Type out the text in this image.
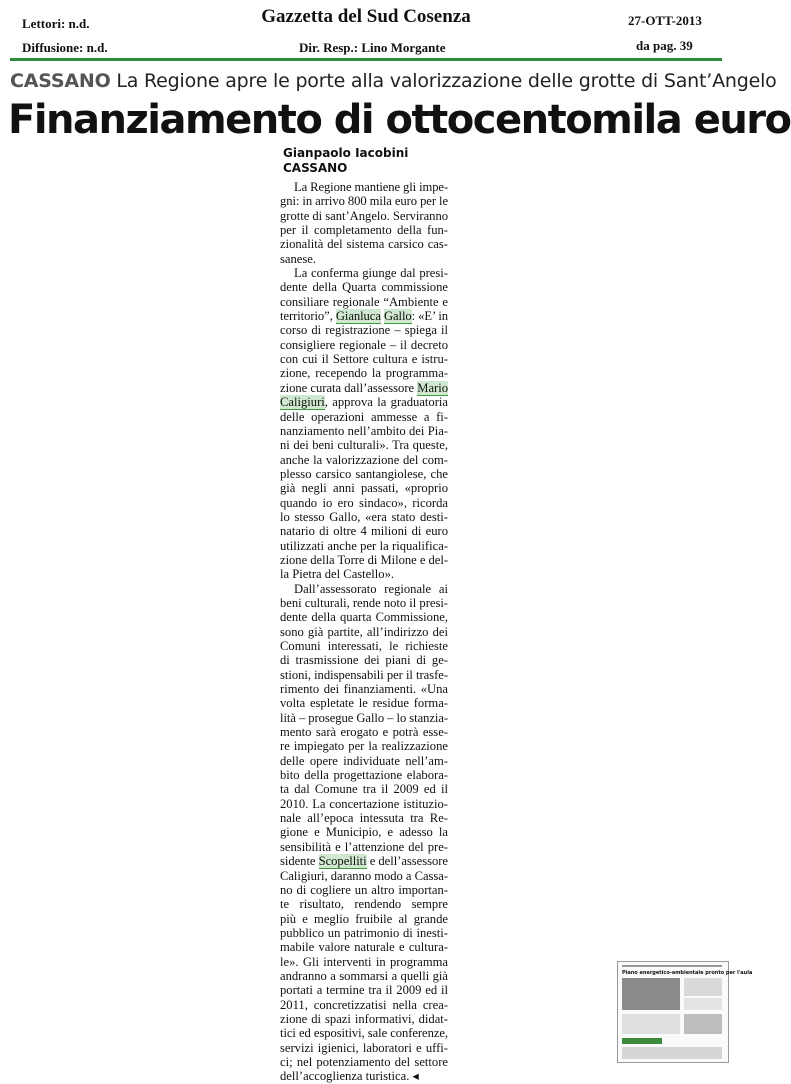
Lettori: n.d.	Gazzetta del Sud Cosenza	27-OTT-2013
Diffusione: n.d.	Dir. Resp.: Lino Morgante	da pag. 39
CASSANO La Regione apre le porte alla valorizzazione delle grotte di Sant’Angelo
Finanziamento di ottocentomila euro
Gianpaolo Iacobini
CASSANO
La Regione mantiene gli impe-
gni: in arrivo 800 mila euro per le
grotte di sant’Angelo. Serviranno
per il completamento della fun-
zionalità del sistema carsico cas-
sanese.
La conferma giunge dal presi-
dente della Quarta commissione
consiliare regionale “Ambiente e
territorio”, Gianluca Gallo: «E’ in
corso di registrazione – spiega il
consigliere regionale – il decreto
con cui il Settore cultura e istru-
zione, recependo la programma-
zione curata dall’assessore Mario
Caligiuri, approva la graduatoria
delle operazioni ammesse a fi-
nanziamento nell’ambito dei Pia-
ni dei beni culturali». Tra queste,
anche la valorizzazione del com-
plesso carsico santangiolese, che
già negli anni passati, «proprio
quando io ero sindaco», ricorda
lo stesso Gallo, «era stato desti-
natario di oltre 4 milioni di euro
utilizzati anche per la riqualifica-
zione della Torre di Milone e del-
la Pietra del Castello».
Dall’assessorato regionale ai
beni culturali, rende noto il presi-
dente della quarta Commissione,
sono già partite, all’indirizzo dei
Comuni interessati, le richieste
di trasmissione dei piani di ge-
stioni, indispensabili per il trasfe-
rimento dei finanziamenti. «Una
volta espletate le residue forma-
lità – prosegue Gallo – lo stanzia-
mento sarà erogato e potrà esse-
re impiegato per la realizzazione
delle opere individuate nell’am-
bito della progettazione elabora-
ta dal Comune tra il 2009 ed il
2010. La concertazione istituzio-
nale all’epoca intessuta tra Re-
gione e Municipio, e adesso la
sensibilità e l’attenzione del pre-
sidente Scopelliti e dell’assessore
Caligiuri, daranno modo a Cassa-
no di cogliere un altro importan-
te risultato, rendendo sempre
più e meglio fruibile al grande
pubblico un patrimonio di inesti-
mabile valore naturale e cultura-
le». Gli interventi in programma
andranno a sommarsi a quelli già
portati a termine tra il 2009 ed il
2011, concretizzatisi nella crea-
zione di spazi informativi, didat-
tici ed espositivi, sale conferenze,
servizi igienici, laboratori e uffi-
ci; nel potenziamento del settore
dell’accoglienza turistica. ◂
Piano energetico-ambientale pronto per l'aula
